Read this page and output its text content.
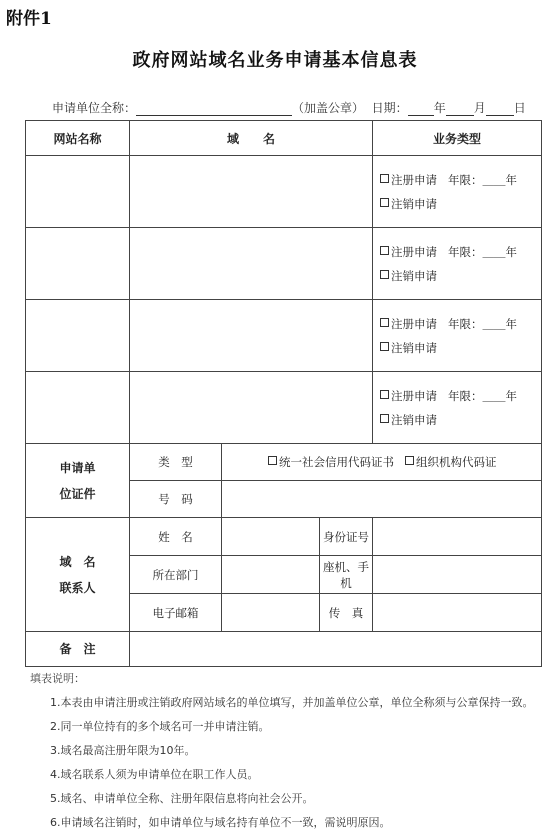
附件1
政府网站域名业务申请基本信息表
申请单位全称：	（加盖公章） 日期： 年 月 日
网站名称	域　　名			业务类型

				注册申请 年限：＿＿年
注销申请

				注册申请 年限：＿＿年
注销申请

				注册申请 年限：＿＿年
注销申请

				注册申请 年限：＿＿年
注销申请

申请单
位证件	类　型	统一社会信用代码证书 组织机构代码证		
	号　码			

域　名
联系人	姓　名		身份证号	
	所在部门		座机、手机	
	电子邮箱		传　真	
备　注				
填表说明：
1.本表由申请注册或注销政府网站域名的单位填写，并加盖单位公章，单位全称须与公章保持一致。
2.同一单位持有的多个域名可一并申请注销。
3.域名最高注册年限为10年。
4.域名联系人须为申请单位在职工作人员。
5.域名、申请单位全称、注册年限信息将向社会公开。
6.申请域名注销时，如申请单位与域名持有单位不一致，需说明原因。
